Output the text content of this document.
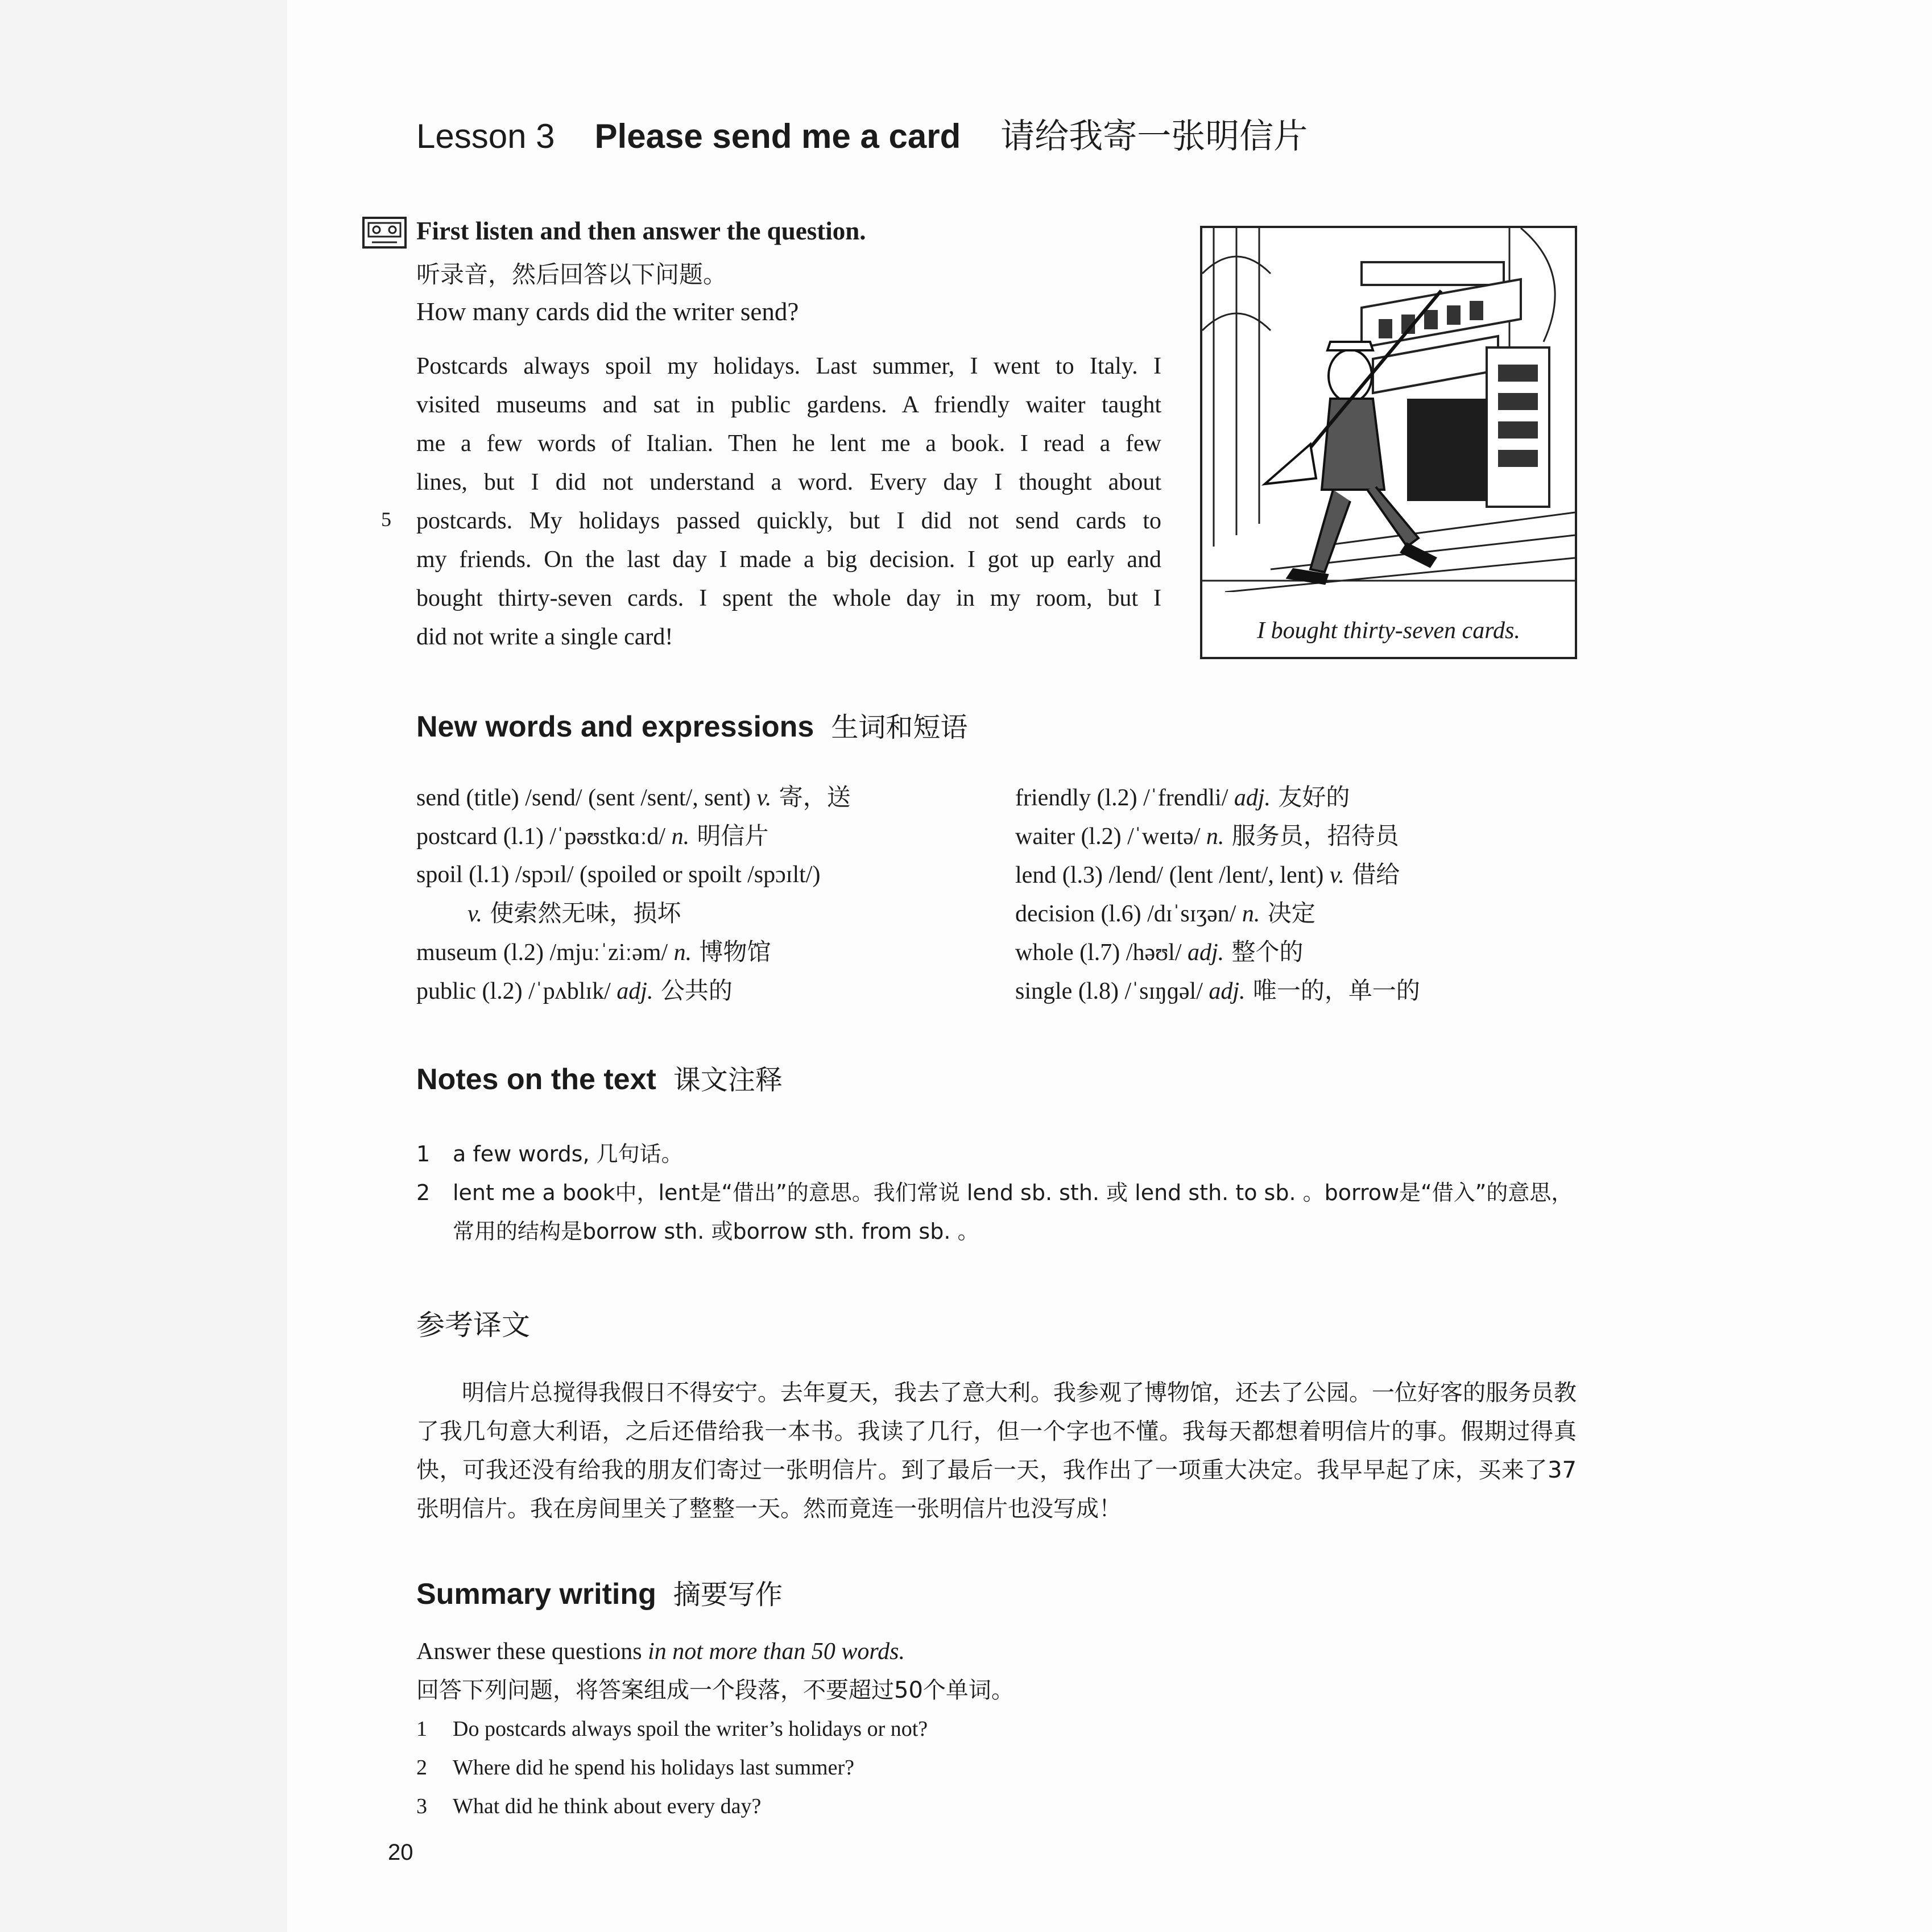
Lesson 3 Please send me a card 请给我寄一张明信片
First listen and then answer the question.
听录音，然后回答以下问题。
How many cards did the writer send?
Postcards always spoil my holidays. Last summer, I went to Italy. I
visited museums and sat in public gardens. A friendly waiter taught
me a few words of Italian. Then he lent me a book. I read a few
lines, but I did not understand a word. Every day I thought about
postcards. My holidays passed quickly, but I did not send cards to
my friends. On the last day I made a big decision. I got up early and
bought thirty-seven cards. I spent the whole day in my room, but I
did not write a single card!
5
I bought thirty-seven cards.
New words and expressions 生词和短语
send (title) /send/ (sent /sent/, sent) v. 寄，送
postcard (l.1) /ˈpəʊstkɑːd/ n. 明信片
spoil (l.1) /spɔɪl/ (spoiled or spoilt /spɔɪlt/)
v. 使索然无味，损坏
museum (l.2) /mjuːˈziːəm/ n. 博物馆
public (l.2) /ˈpʌblɪk/ adj. 公共的
friendly (l.2) /ˈfrendli/ adj. 友好的
waiter (l.2) /ˈweɪtə/ n. 服务员，招待员
lend (l.3) /lend/ (lent /lent/, lent) v. 借给
decision (l.6) /dɪˈsɪʒən/ n. 决定
whole (l.7) /həʊl/ adj. 整个的
single (l.8) /ˈsɪŋɡəl/ adj. 唯一的，单一的
Notes on the text 课文注释
1	a few words, 几句话。
2	lent me a book中，lent是“借出”的意思。我们常说 lend sb. sth. 或 lend sth. to sb. 。borrow是“借入”的意思，常用的结构是borrow sth. 或borrow sth. from sb. 。
参考译文

明信片总搅得我假日不得安宁。去年夏天，我去了意大利。我参观了博物馆，还去了公园。一位好客的服务员教了我几句意大利语，之后还借给我一本书。我读了几行，但一个字也不懂。我每天都想着明信片的事。假期过得真快，可我还没有给我的朋友们寄过一张明信片。到了最后一天，我作出了一项重大决定。我早早起了床，买来了37张明信片。我在房间里关了整整一天。然而竟连一张明信片也没写成！

Summary writing 摘要写作
Answer these questions in not more than 50 words.
回答下列问题，将答案组成一个段落，不要超过50个单词。
1	Do postcards always spoil the writer’s holidays or not?
2	Where did he spend his holidays last summer?
3	What did he think about every day?
20
